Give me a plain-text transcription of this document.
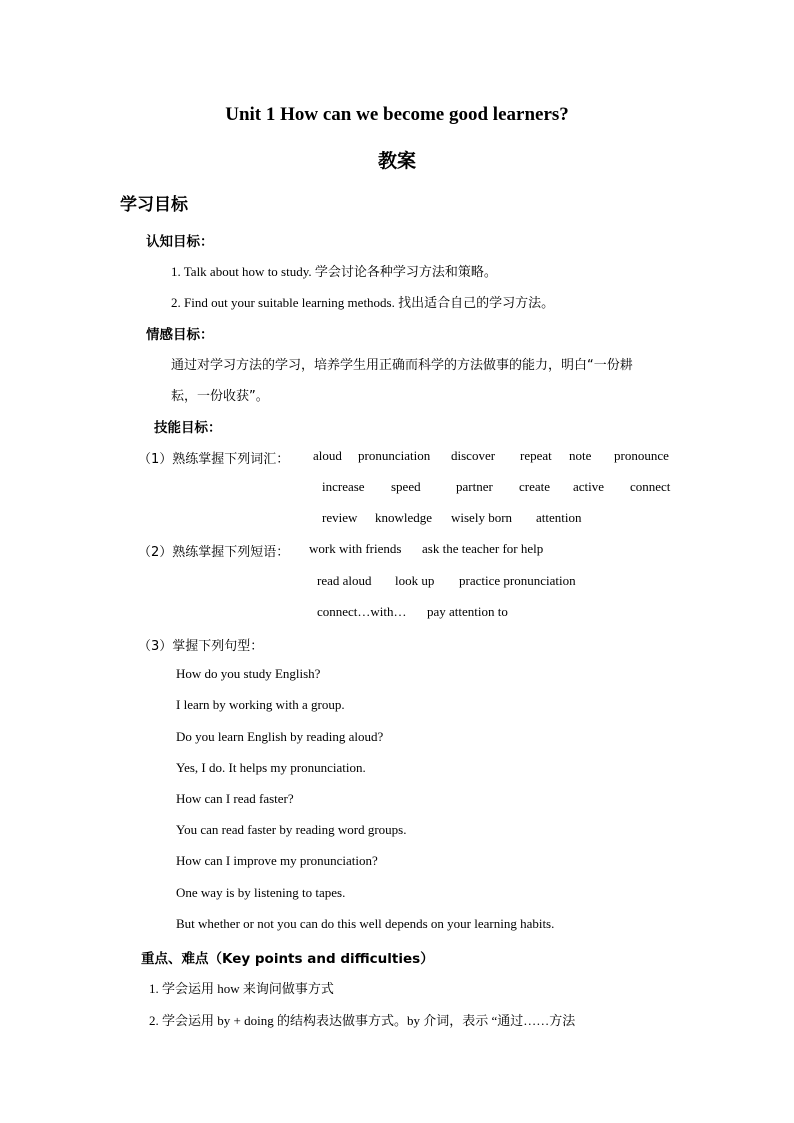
Unit 1 How can we become good learners?
教案
学习目标
认知目标：
1. Talk about how to study. 学会讨论各种学习方法和策略。
2. Find out your suitable learning methods. 找出适合自己的学习方法。
情感目标：
通过对学习方法的学习，培养学生用正确而科学的方法做事的能力，明白“一份耕
耘，一份收获”。
技能目标：
（1）熟练掌握下列词汇： aloud pronunciation discover repeat note pronounce
increase speed	partner create active connect
review knowledge wisely born attention
（2）熟练掌握下列短语： work with friends ask the teacher for help
read aloud look up practice pronunciation
connect…with… pay attention to
（3）掌握下列句型：
How do you study English?
I learn by working with a group.
Do you learn English by reading aloud?
Yes, I do. It helps my pronunciation.
How can I read faster?
You can read faster by reading word groups.
How can I improve my pronunciation?
One way is by listening to tapes.
But whether or not you can do this well depends on your learning habits.
重点、难点（Key points and difficulties）
1. 学会运用 how 来询问做事方式
2. 学会运用 by + doing 的结构表达做事方式。by 介词，表示 “通过……方法
